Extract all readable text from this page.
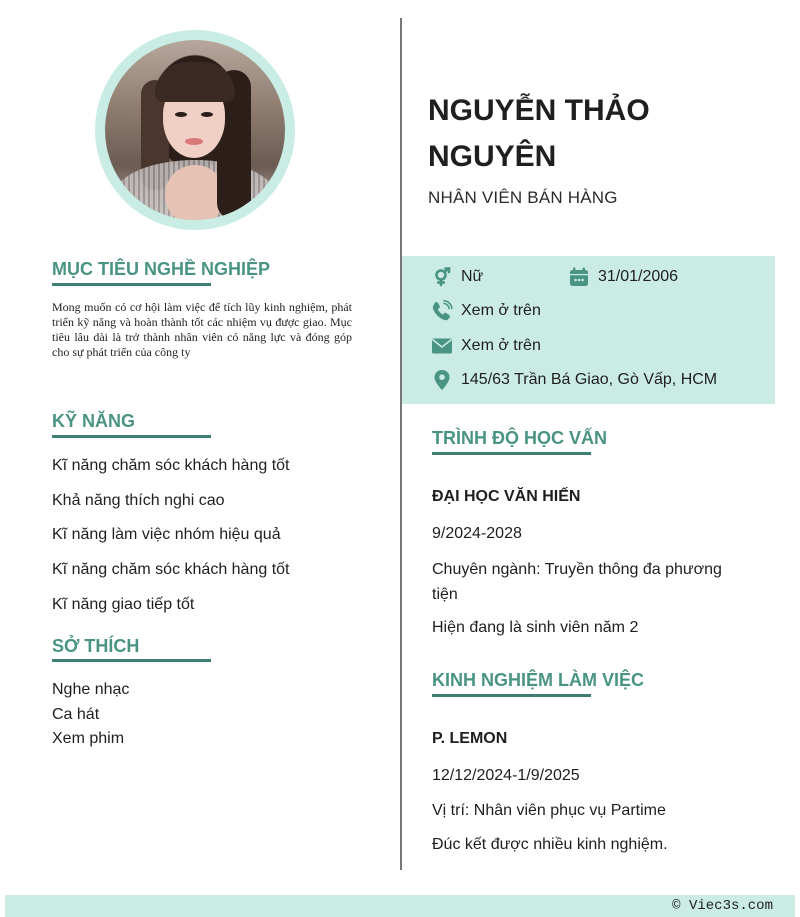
MỤC TIÊU NGHỀ NGHIỆP
Mong muốn có cơ hội làm việc để tích lũy kinh nghiệm, phát triển kỹ năng và hoàn thành tốt các nhiệm vụ được giao. Mục tiêu lâu dài là trở thành nhân viên có năng lực và đóng góp cho sự phát triển của công ty
KỸ NĂNG
Kĩ năng chăm sóc khách hàng tốt
Khả năng thích nghi cao
Kĩ năng làm việc nhóm hiệu quả
Kĩ năng chăm sóc khách hàng tốt
Kĩ năng giao tiếp tốt
SỞ THÍCH
Nghe nhạc
Ca hát
Xem phim
NGUYỄN THẢO
NGUYÊN
NHÂN VIÊN BÁN HÀNG
Nữ	31/01/2006
Xem ở trên
Xem ở trên
145/63 Trần Bá Giao, Gò Vấp, HCM
TRÌNH ĐỘ HỌC VẤN
ĐẠI HỌC VĂN HIẾN
9/2024-2028
Chuyên ngành: Truyền thông đa phương tiện
Hiện đang là sinh viên năm 2
KINH NGHIỆM LÀM VIỆC
P. LEMON
12/12/2024-1/9/2025
Vị trí: Nhân viên phục vụ Partime
Đúc kết được nhiều kinh nghiệm.
© Viec3s.com
